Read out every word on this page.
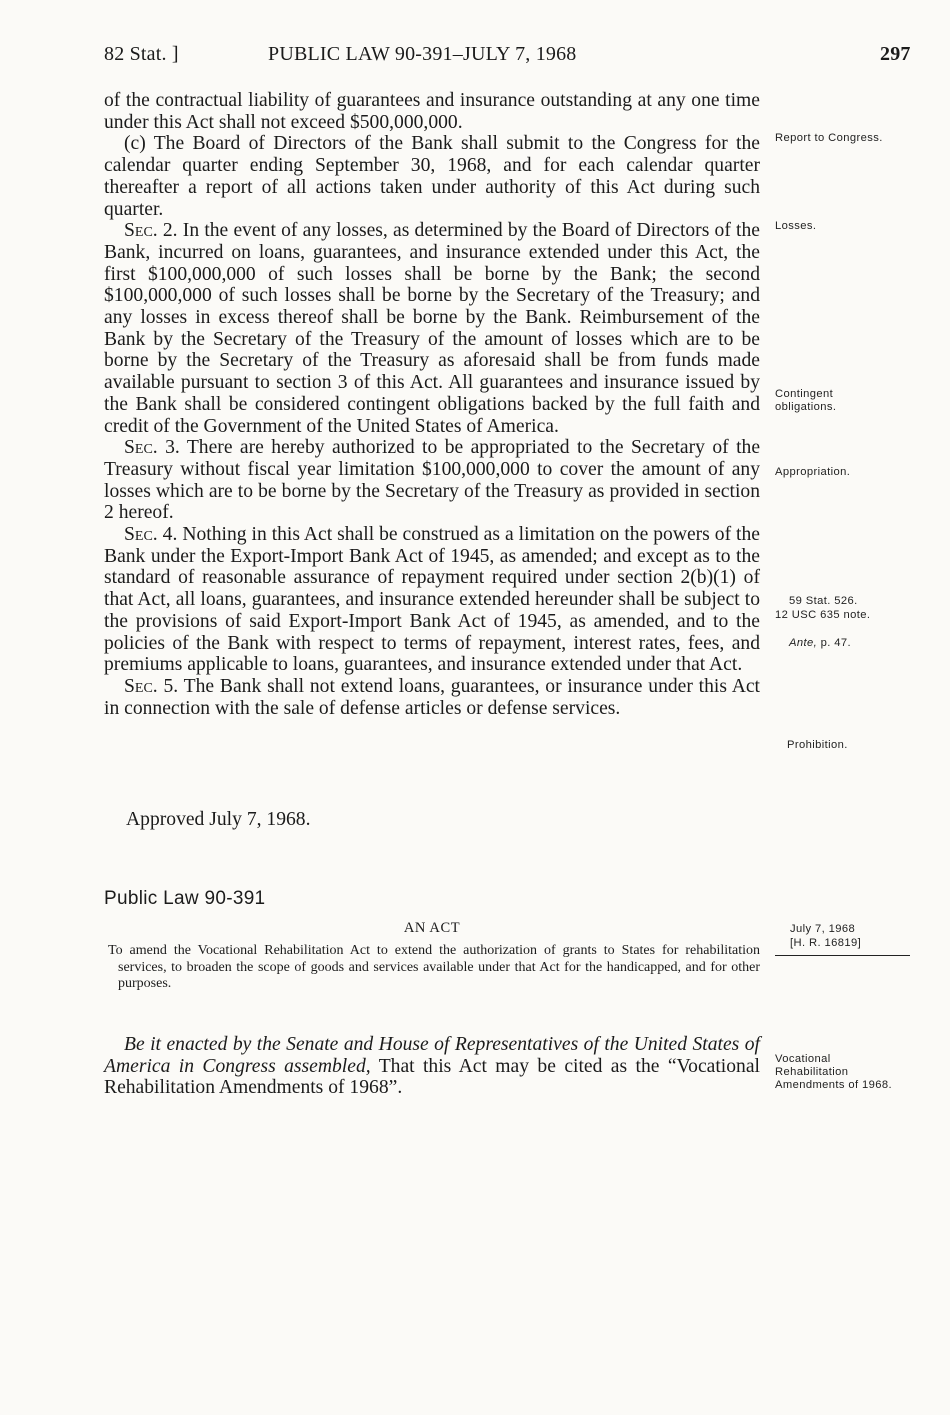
82 Stat. ]	PUBLIC LAW 90-391–JULY 7, 1968	297

of the contractual liability of guarantees and insurance outstanding at any one time under this Act shall not exceed $500,000,000.

(c) The Board of Directors of the Bank shall submit to the Congress for the calendar quarter ending September 30, 1968, and for each calendar quarter thereafter a report of all actions taken under authority of this Act during such quarter.

Sec. 2. In the event of any losses, as determined by the Board of Directors of the Bank, incurred on loans, guarantees, and insurance extended under this Act, the first $100,000,000 of such losses shall be borne by the Bank; the second $100,000,000 of such losses shall be borne by the Secretary of the Treasury; and any losses in excess thereof shall be borne by the Bank. Reimbursement of the Bank by the Secretary of the Treasury of the amount of losses which are to be borne by the Secretary of the Treasury as aforesaid shall be from funds made available pursuant to section 3 of this Act. All guarantees and insurance issued by the Bank shall be considered contingent obligations backed by the full faith and credit of the Government of the United States of America.

Sec. 3. There are hereby authorized to be appropriated to the Secretary of the Treasury without fiscal year limitation $100,000,000 to cover the amount of any losses which are to be borne by the Secretary of the Treasury as provided in section 2 hereof.

Sec. 4. Nothing in this Act shall be construed as a limitation on the powers of the Bank under the Export-Import Bank Act of 1945, as amended; and except as to the standard of reasonable assurance of repayment required under section 2(b)(1) of that Act, all loans, guarantees, and insurance extended hereunder shall be subject to the provisions of said Export-Import Bank Act of 1945, as amended, and to the policies of the Bank with respect to terms of repayment, interest rates, fees, and premiums applicable to loans, guarantees, and insurance extended under that Act.

Sec. 5. The Bank shall not extend loans, guarantees, or insurance under this Act in connection with the sale of defense articles or defense services.

Approved July 7, 1968.
Public Law 90-391
AN ACT
To amend the Vocational Rehabilitation Act to extend the authorization of grants to States for rehabilitation services, to broaden the scope of goods and services available under that Act for the handicapped, and for other purposes.

Be it enacted by the Senate and House of Representatives of the United States of America in Congress assembled, That this Act may be cited as the “Vocational Rehabilitation Amendments of 1968”.

Report to Congress.
Losses.
Contingent obligations.
Appropriation.
59 Stat. 526.
12 USC 635 note.
Ante, p. 47.
Prohibition.
July 7, 1968
[H. R. 16819]
Vocational Rehabilitation Amendments of 1968.
